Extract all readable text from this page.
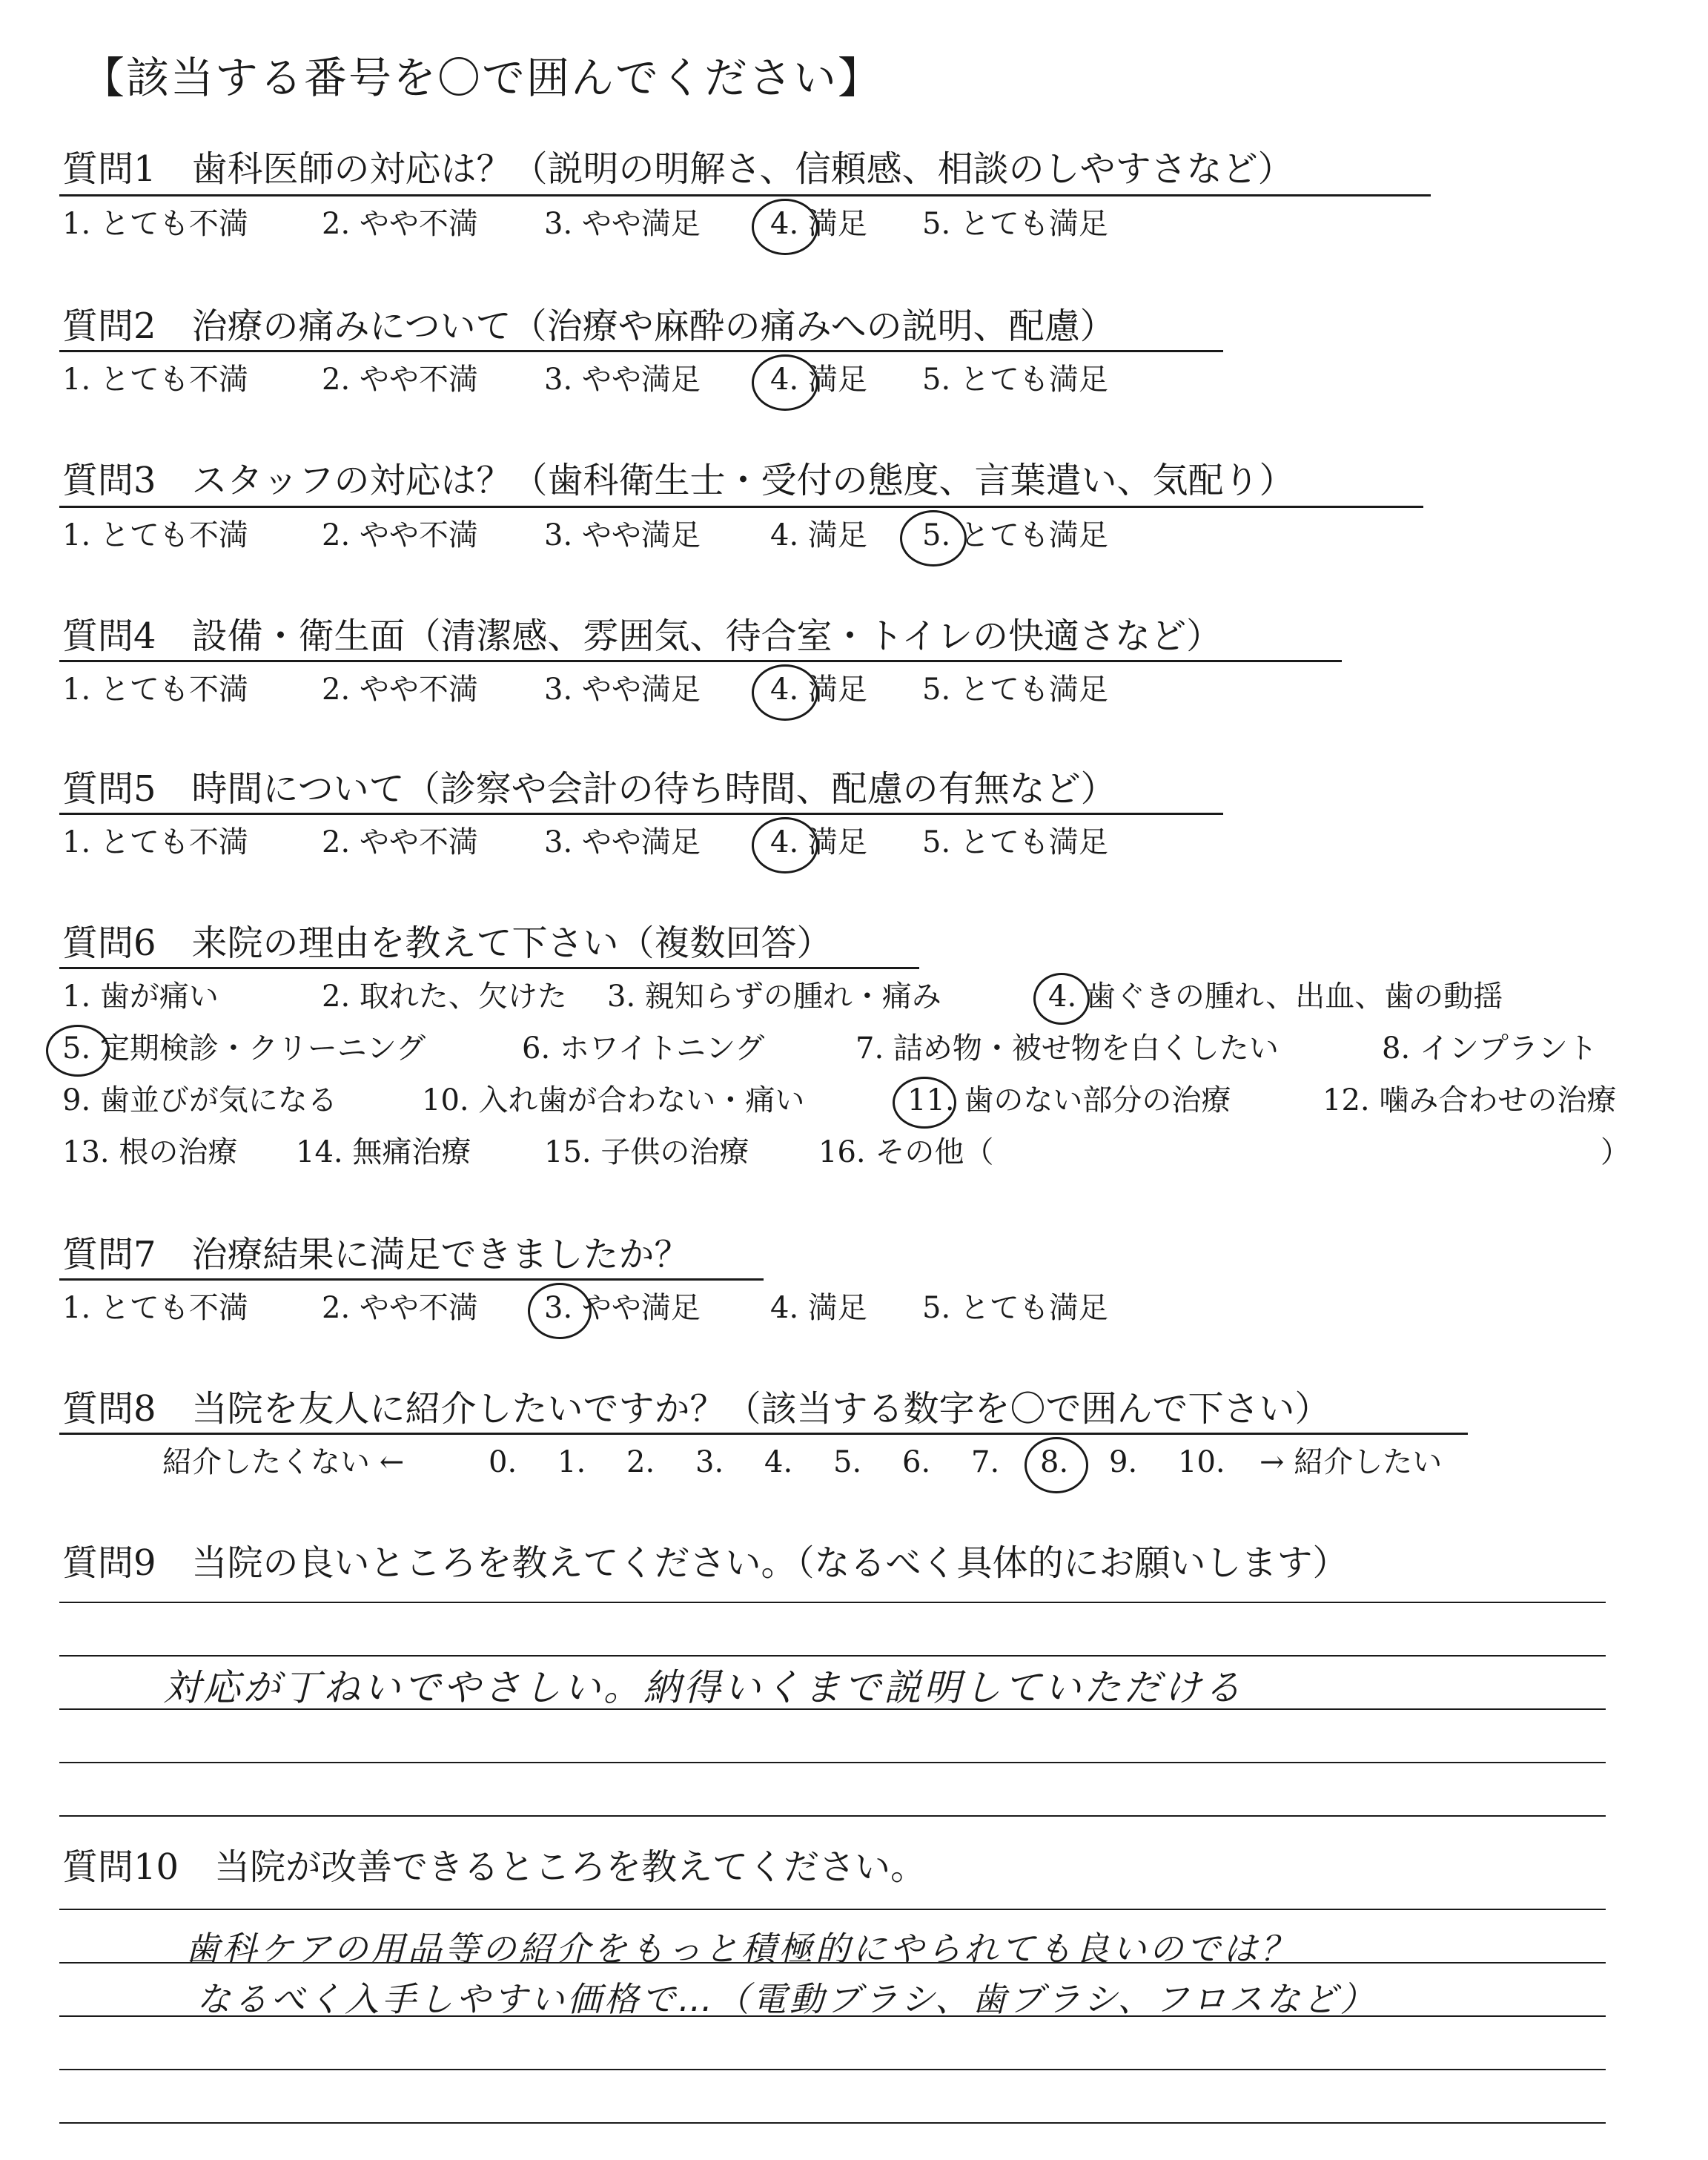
【該当する番号を〇で囲んでください】
質問1　歯科医師の対応は？（説明の明解さ、信頼感、相談のしやすさなど）
1. とても不満 2. やや不満 3. やや満足 4. 満足 5. とても満足
質問2　治療の痛みについて（治療や麻酔の痛みへの説明、配慮）
1. とても不満 2. やや不満 3. やや満足 4. 満足 5. とても満足
質問3　スタッフの対応は？（歯科衛生士・受付の態度、言葉遣い、気配り）
1. とても不満 2. やや不満 3. やや満足 4. 満足 5. とても満足
質問4　設備・衛生面（清潔感、雰囲気、待合室・トイレの快適さなど）
1. とても不満 2. やや不満 3. やや満足 4. 満足 5. とても満足
質問5　時間について（診察や会計の待ち時間、配慮の有無など）
1. とても不満 2. やや不満 3. やや満足 4. 満足 5. とても満足
質問6　来院の理由を教えて下さい（複数回答）
1. 歯が痛い	2. 取れた、欠けた 3. 親知らずの腫れ・痛み	4. 歯ぐきの腫れ、出血、歯の動揺
5. 定期検診・クリーニング	6. ホワイトニング	7. 詰め物・被せ物を白くしたい	8. インプラント
9. 歯並びが気になる	10. 入れ歯が合わない・痛い	11. 歯のない部分の治療	12. 噛み合わせの治療
13. 根の治療 14. 無痛治療 15. 子供の治療 16. その他（	）
質問7　治療結果に満足できましたか？
1. とても不満 2. やや不満 3. やや満足 4. 満足 5. とても満足
質問8　当院を友人に紹介したいですか？（該当する数字を〇で囲んで下さい）
紹介したくない ←	0. 1. 2. 3. 4. 5. 6. 7. 8. 9. 10. → 紹介したい
質問9　当院の良いところを教えてください。（なるべく具体的にお願いします）
対応が丁ねいでやさしい。納得いくまで説明していただける
質問10　当院が改善できるところを教えてください。
歯科ケアの用品等の紹介をもっと積極的にやられても良いのでは？
なるべく入手しやすい価格で…（電動ブラシ、歯ブラシ、フロスなど）
